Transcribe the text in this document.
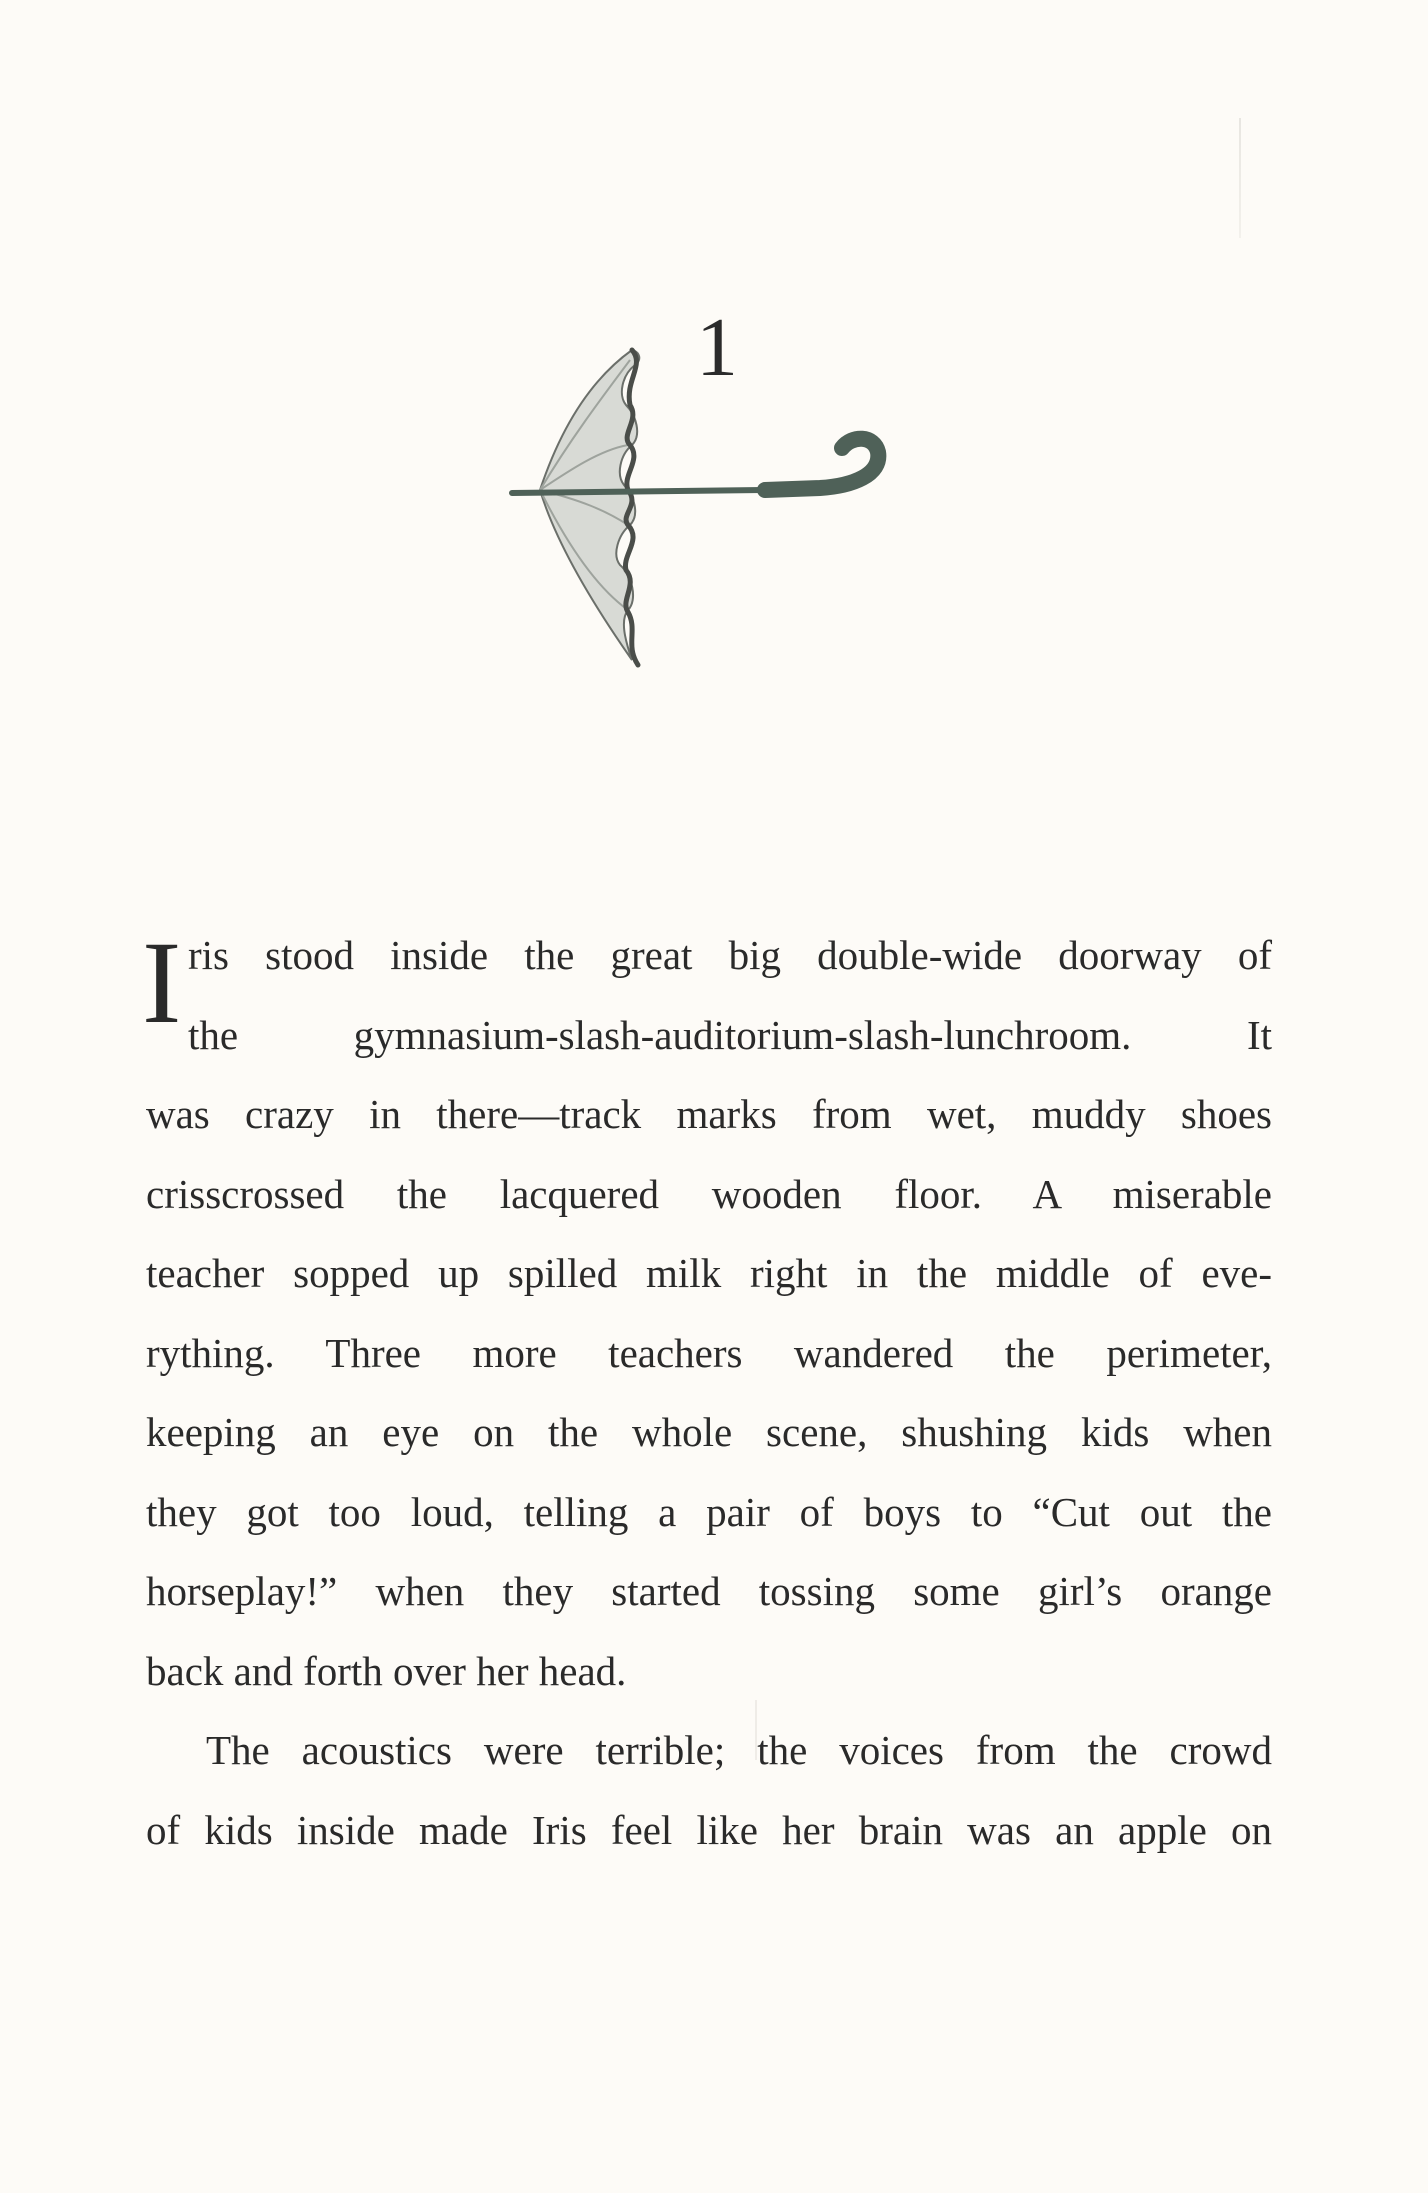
1
I ris stood inside the great big double-wide doorway of
the gymnasium-slash-auditorium-slash-lunchroom. It
was crazy in there—track marks from wet, muddy shoes
crisscrossed the lacquered wooden floor. A miserable
teacher sopped up spilled milk right in the middle of eve-
rything. Three more teachers wandered the perimeter,
keeping an eye on the whole scene, shushing kids when
they got too loud, telling a pair of boys to “Cut out the
horseplay!” when they started tossing some girl’s orange
back and forth over her head.
The acoustics were terrible; the voices from the crowd
of kids inside made Iris feel like her brain was an apple on
